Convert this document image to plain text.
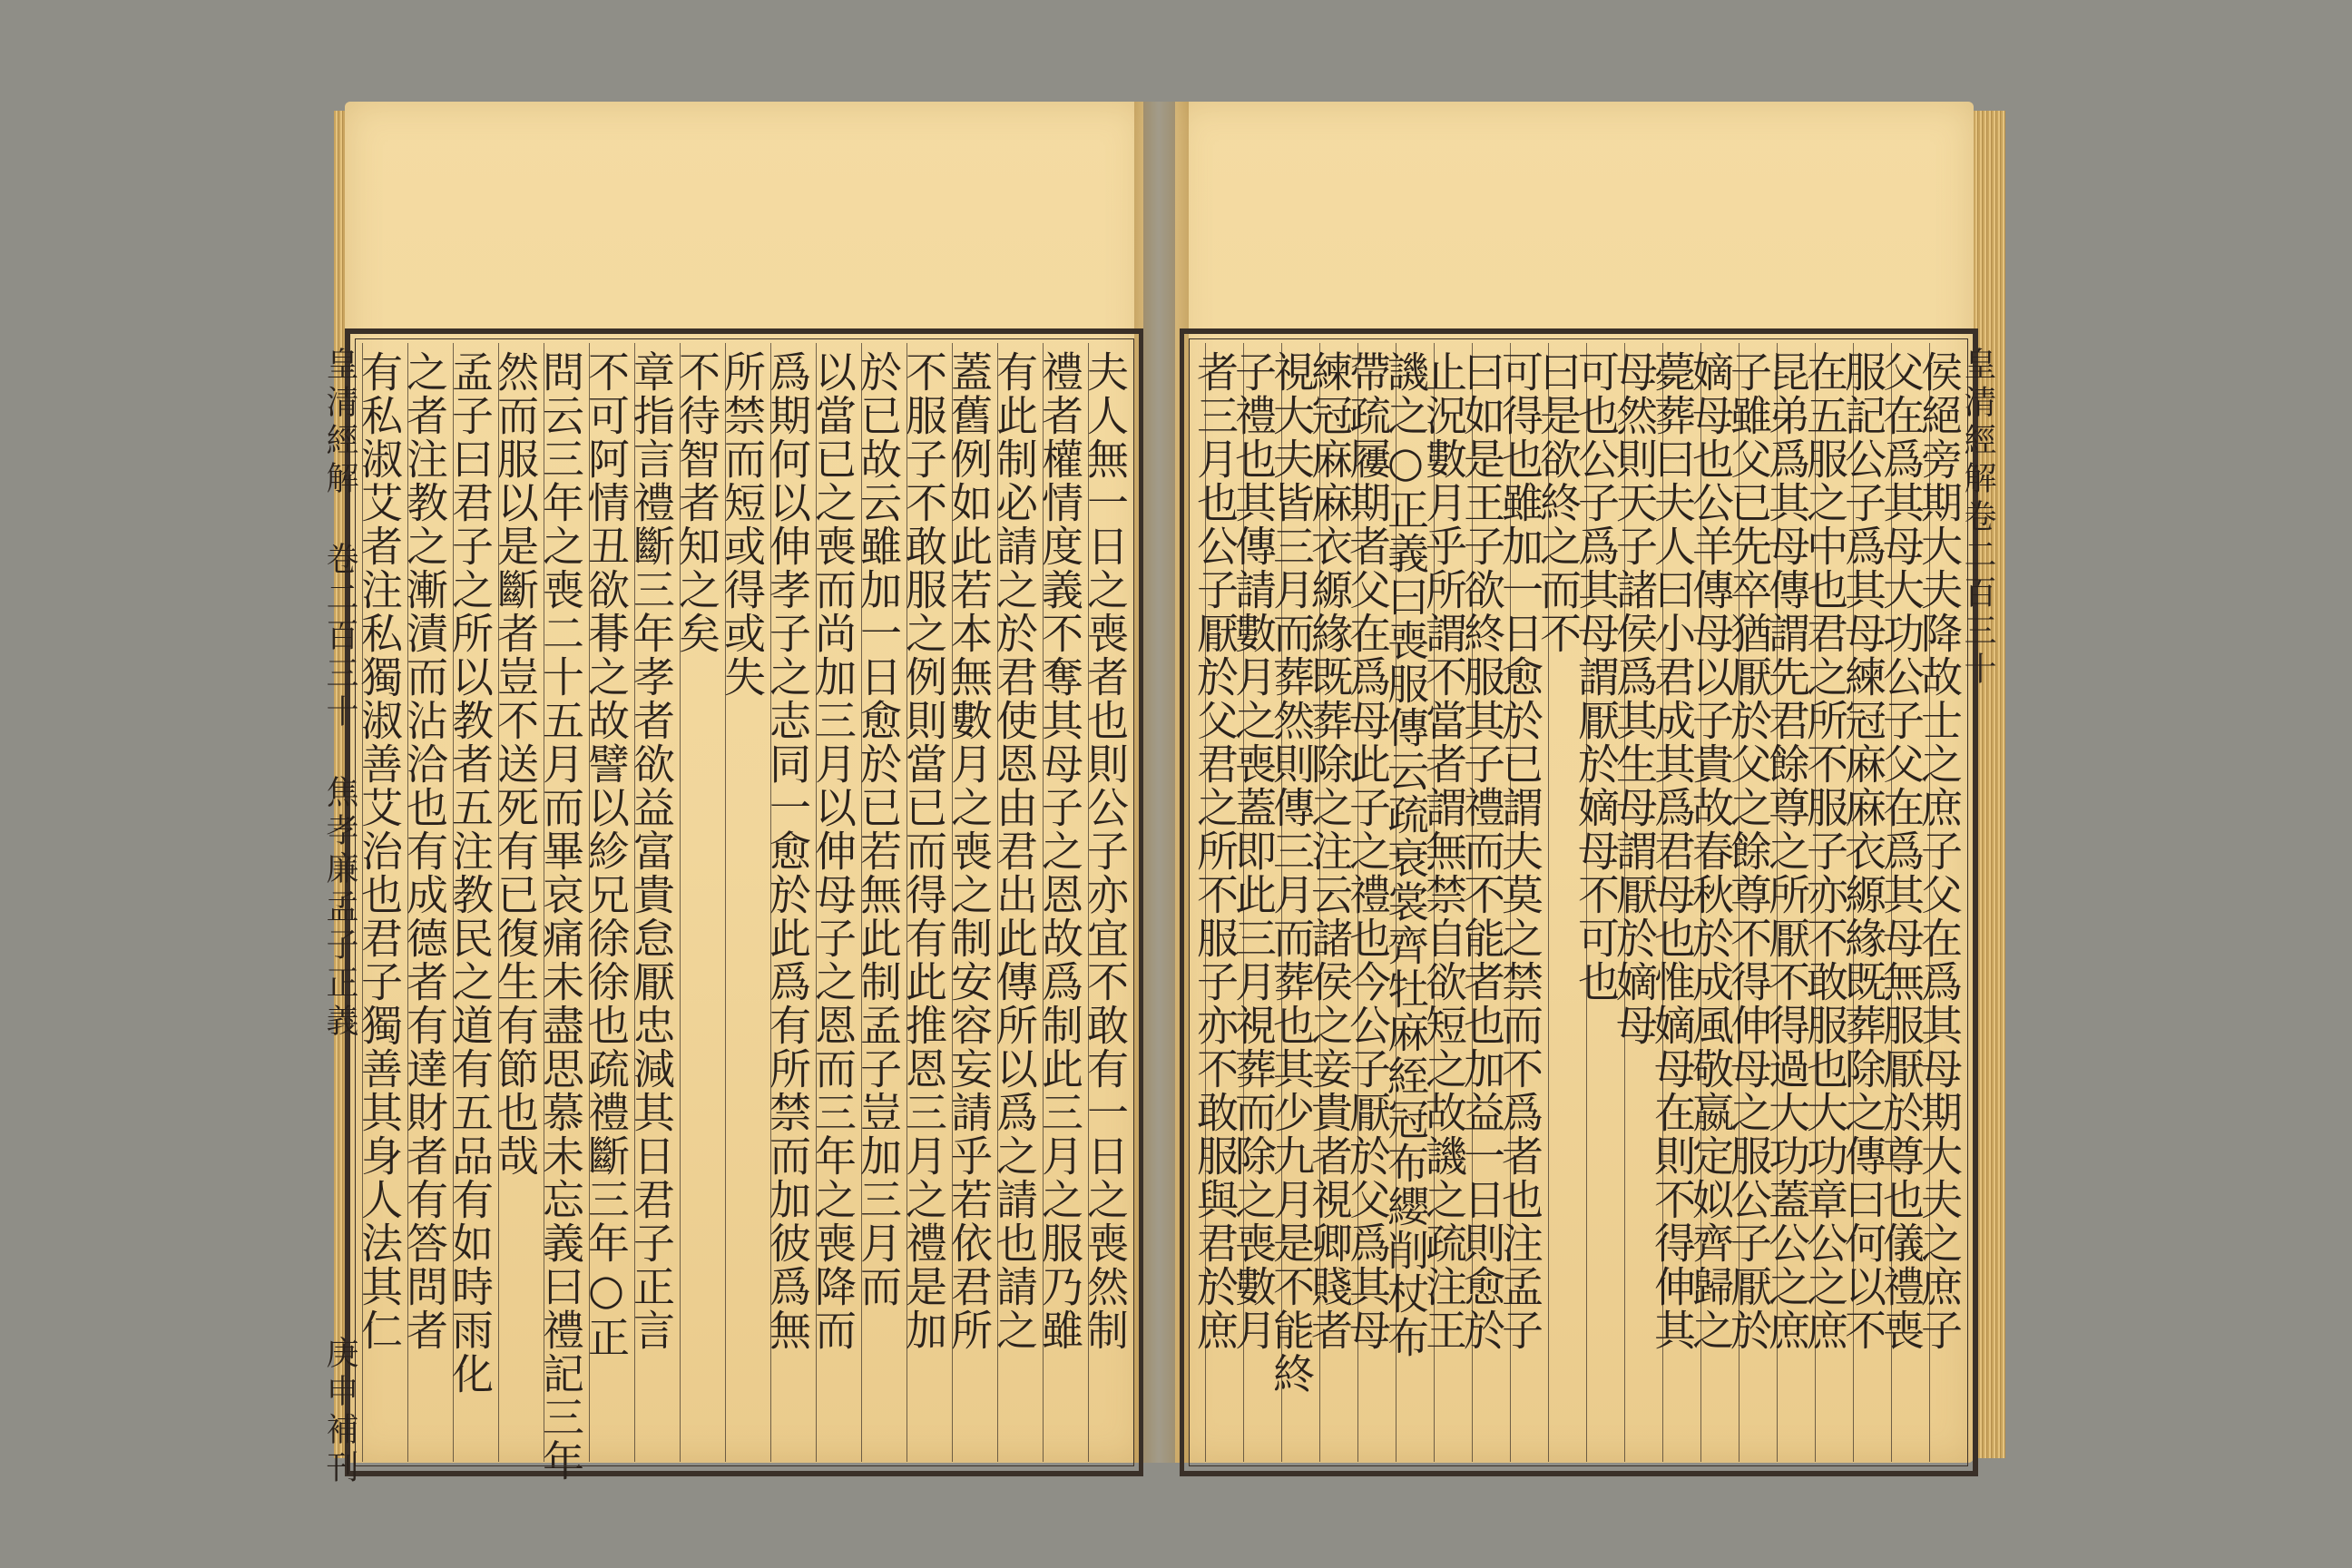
夫人無一日之喪者也則公子亦宜不敢有一日之喪然制
禮者權情度義不奪其母子之恩故爲制此三月之服乃雖
有此制必請之於君使恩由君出此傳所以爲之請也請之
蓋舊例如此若本無數月之喪之制安容妄請乎若依君所
不服子不敢服之例則當已而得有此推恩三月之禮是加
於已故云雖加一日愈於已若無此制孟子豈加三月而
以當已之喪而尚加三月以伸母子之恩而三年之喪降而
爲期何以伸孝子之志同一愈於此爲有所禁而加彼爲無
所禁而短或得或失
不待智者知之矣
章指言禮斷三年孝者欲益富貴怠厭忠減其日君子正言
不可阿情丑欲朞之故譬以紾兄徐徐也疏禮斷三年○正
問云三年之喪二十五月而畢哀痛未盡思慕未忘義曰禮記三年
然而服以是斷者豈不送死有已復生有節也哉
孟子曰君子之所以教者五注教民之道有五品有如時雨化
之者注教之漸漬而沾洽也有成德者有達財者有答問者
有私淑艾者注私獨淑善艾治也君子獨善其身人法其仁	侯絕旁期大夫降故士之庶子父在爲其母期大夫之庶子
父在爲其母大功公子父在爲其母無服厭於尊也儀禮喪
服記公子爲其母練冠麻麻衣縓緣既葬除之傳曰何以不
在五服之中也君之所不服子亦不敢服也大功章公之庶
昆弟爲其母傳謂先君餘尊之所厭不得過大功蓋公之庶
子雖父已先卒猶厭於父之餘尊不得伸母之服公子厭於
嫡母也公羊傳母以子貴故春秋於成風敬嬴定姒齊歸之
薨葬曰夫人曰小君成其爲君母也惟嫡母在則不得伸其
母然則天子諸侯爲其生母謂厭於嫡母
可也公子爲其母謂厭於嫡母不可也
曰是欲終之而不
可得也雖加一日愈於已謂夫莫之禁而不爲者也注孟子
曰如是王子欲終服其子禮而不能者也加益一日則愈於
止況數月乎所謂不當者謂無禁自欲短之故譏之疏注王
譏之○正義曰喪服傳云疏衰裳齊牡麻絰冠布纓削杖布
帶疏屨期者父在爲母此子之禮也今公子厭於父爲其母
練冠麻麻衣縓緣既葬除之注云諸侯之妾貴者視卿賤者
視大夫皆三月而葬然則傳三月而葬也其少九月是不能終
子禮也其傳請數月之喪蓋即此三月視葬而除之喪數月
者三月也公子厭於父君之所不服子亦不敢服與君於庶
皇清經解 卷二百三十 焦孝廉孟子正義
庚申補刊
皇清經解卷二百三十
